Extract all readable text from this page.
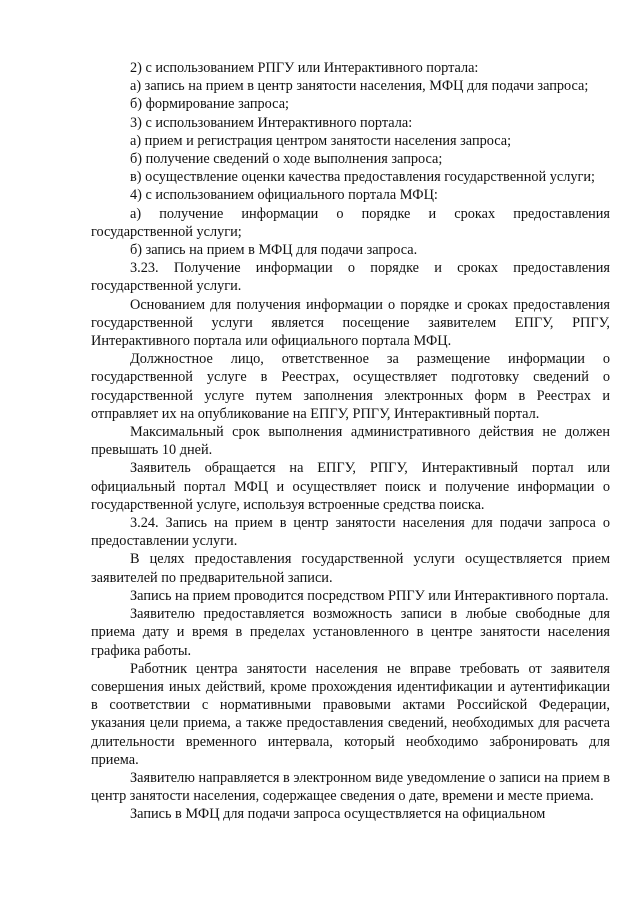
2) с использованием РПГУ или Интерактивного портала:

а) запись на прием в центр занятости населения, МФЦ для подачи запроса;

б) формирование запроса;

3) с использованием Интерактивного портала:

а) прием и регистрация центром занятости населения запроса;

б) получение сведений о ходе выполнения запроса;

в) осуществление оценки качества предоставления государственной услуги;

4) с использованием официального портала МФЦ:

а) получение информации о порядке и сроках предоставления государственной услуги;

б) запись на прием в МФЦ для подачи запроса.

3.23. Получение информации о порядке и сроках предоставления государственной услуги.

Основанием для получения информации о порядке и сроках предоставления государственной услуги является посещение заявителем ЕПГУ, РПГУ, Интерактивного портала или официального портала МФЦ.

Должностное лицо, ответственное за размещение информации о государственной услуге в Реестрах, осуществляет подготовку сведений о государственной услуге путем заполнения электронных форм в Реестрах и отправляет их на опубликование на ЕПГУ, РПГУ, Интерактивный портал.

Максимальный срок выполнения административного действия не должен превышать 10 дней.

Заявитель обращается на ЕПГУ, РПГУ, Интерактивный портал или официальный портал МФЦ и осуществляет поиск и получение информации о государственной услуге, используя встроенные средства поиска.

3.24. Запись на прием в центр занятости населения для подачи запроса о предоставлении услуги.

В целях предоставления государственной услуги осуществляется прием заявителей по предварительной записи.

Запись на прием проводится посредством РПГУ или Интерактивного портала.

Заявителю предоставляется возможность записи в любые свободные для приема дату и время в пределах установленного в центре занятости населения графика работы.

Работник центра занятости населения не вправе требовать от заявителя совершения иных действий, кроме прохождения идентификации и аутентификации в соответствии с нормативными правовыми актами Российской Федерации, указания цели приема, а также предоставления сведений, необходимых для расчета длительности временного интервала, который необходимо забронировать для приема.

Заявителю направляется в электронном виде уведомление о записи на прием в центр занятости населения, содержащее сведения о дате, времени и месте приема.

Запись в МФЦ для подачи запроса осуществляется на официальном
